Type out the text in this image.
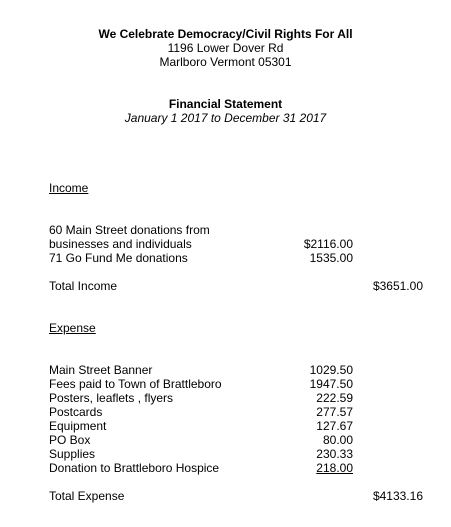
We Celebrate Democracy/Civil Rights For All
1196 Lower Dover Rd
Marlboro Vermont 05301
Financial Statement
January 1 2017 to December 31 2017
Income
60 Main Street donations from
businesses and individuals	$2116.00
71 Go Fund Me donations	1535.00
Total Income	$3651.00
Expense
Main Street Banner	1029.50
Fees paid to Town of Brattleboro	1947.50
Posters, leaflets , flyers	222.59
Postcards	277.57
Equipment	127.67
PO Box	80.00
Supplies	230.33
Donation to Brattleboro Hospice	218.00
Total Expense	$4133.16
